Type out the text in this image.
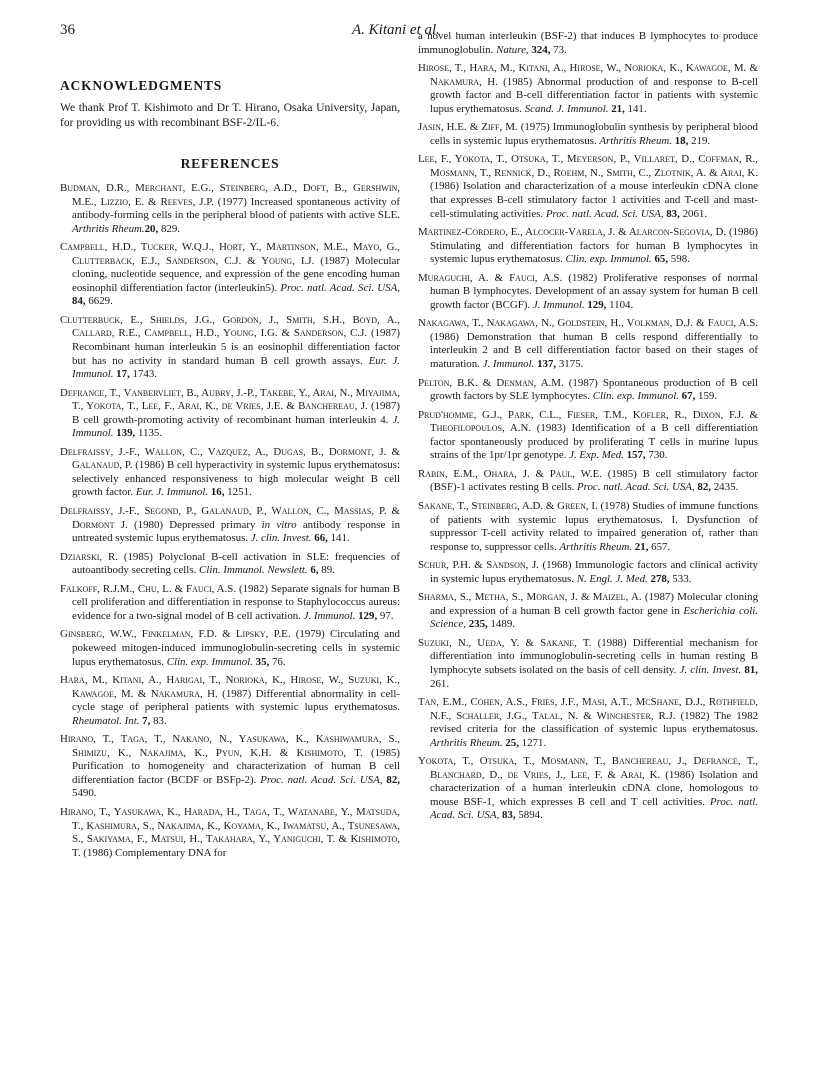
36	A. Kitani et al.
ACKNOWLEDGMENTS

We thank Prof T. Kishimoto and Dr T. Hirano, Osaka University, Japan, for providing us with recombinant BSF-2/IL-6.

REFERENCES

Budman, D.R., Merchant, E.G., Steinberg, A.D., Doft, B., Gershwin, M.E., Lizzio, E. & Reeves, J.P. (1977) Increased spontaneous activity of antibody-forming cells in the peripheral blood of patients with active SLE. Arthritis Rheum.20, 829.

Campbell, H.D., Tucker, W.Q.J., Hort, Y., Martinson, M.E., Mayo, G., Clutterback, E.J., Sanderson, C.J. & Young, I.J. (1987) Molecular cloning, nucleotide sequence, and expression of the gene encoding human eosinophil differentiation factor (interleukin5). Proc. natl. Acad. Sci. USA, 84, 6629.

Clutterbuck, E., Shields, J.G., Gordon, J., Smith, S.H., Boyd, A., Callard, R.E., Campbell, H.D., Young, I.G. & Sanderson, C.J. (1987) Recombinant human interleukin 5 is an eosinophil differentiation factor but has no activity in standard human B cell growth assays. Eur. J. Immunol. 17, 1743.

Defrance, T., Vanbervliet, B., Aubry, J.-P., Takebe, Y., Arai, N., Miyajima, T., Yokota, T., Lee, F., Arai, K., de Vries, J.E. & Banchereau, J. (1987) B cell growth-promoting activity of recombinant human interleukin 4. J. Immunol. 139, 1135.

Delfraissy, J.-F., Wallon, C., Vazquez, A., Dugas, B., Dormont, J. & Galanaud, P. (1986) B cell hyperactivity in systemic lupus erythematosus: selectively enhanced responsiveness to high molecular weight B cell growth factor. Eur. J. Immunol. 16, 1251.

Delfraissy, J.-F., Segond, P., Galanaud, P., Wallon, C., Massias, P. & Dormont J. (1980) Depressed primary in vitro antibody response in untreated systemic lupus erythematosus. J. clin. Invest. 66, 141.

Dziarski, R. (1985) Polyclonal B-cell activation in SLE: frequencies of autoantibody secreting cells. Clin. Immunol. Newslett. 6, 89.

Falkoff, R.J.M., Chu, L. & Fauci, A.S. (1982) Separate signals for human B cell proliferation and differentiation in response to Staphylococcus aureus: evidence for a two-signal model of B cell activation. J. Immunol. 129, 97.

Ginsberg, W.W., Finkelman, F.D. & Lipsky, P.E. (1979) Circulating and pokeweed mitogen-induced immunoglobulin-secreting cells in systemic lupus erythematosus. Clin. exp. Immunol. 35, 76.

Hara, M., Kitani, A., Harigai, T., Norioka, K., Hirose, W., Suzuki, K., Kawagoe, M. & Nakamura, H. (1987) Differential abnormality in cell-cycle stage of peripheral patients with systemic lupus erythematosus. Rheumatol. Int. 7, 83.

Hirano, T., Taga, T., Nakano, N., Yasukawa, K., Kashiwamura, S., Shimizu, K., Nakajima, K., Pyun, K.H. & Kishimoto, T. (1985) Purification to homogeneity and characterization of human B cell differentiation factor (BCDF or BSFp-2). Proc. natl. Acad. Sci. USA, 82, 5490.

Hirano, T., Yasukawa, K., Harada, H., Taga, T., Watanabe, Y., Matsuda, T., Kashimura, S., Nakajima, K., Koyama, K., Iwamatsu, A., Tsunesawa, S., Sakiyama, F., Matsui, H., Takahara, Y., Yaniguchi, T. & Kishimoto, T. (1986) Complementary DNA for

a novel human interleukin (BSF-2) that induces B lymphocytes to produce immunoglobulin. Nature, 324, 73.

Hirose, T., Hara, M., Kitani, A., Hirose, W., Norioka, K., Kawagoe, M. & Nakamura, H. (1985) Abnormal production of and response to B-cell growth factor and B-cell differentiation factor in patients with systemic lupus erythematosus. Scand. J. Immunol. 21, 141.

Jasin, H.E. & Ziff, M. (1975) Immunoglobulin synthesis by peripheral blood cells in systemic lupus erythematosus. Arthritis Rheum. 18, 219.

Lee, F., Yokota, T., Otsuka, T., Meyerson, P., Villaret, D., Coffman, R., Mosmann, T., Rennick, D., Roehm, N., Smith, C., Zlotnik, A. & Arai, K. (1986) Isolation and characterization of a mouse interleukin cDNA clone that expresses B-cell stimulatory factor 1 activities and T-cell and mast-cell-stimulating activities. Proc. natl. Acad. Sci. USA, 83, 2061.

Martinez-Cordero, E., Alcocer-Varela, J. & Alarcon-Segovia, D. (1986) Stimulating and differentiation factors for human B lymphocytes in systemic lupus erythematosus. Clin. exp. Immunol. 65, 598.

Muraguchi, A. & Fauci, A.S. (1982) Proliferative responses of normal human B lymphocytes. Development of an assay system for human B cell growth factor (BCGF). J. Immunol. 129, 1104.

Nakagawa, T., Nakagawa, N., Goldstein, H., Volkman, D.J. & Fauci, A.S. (1986) Demonstration that human B cells respond differentially to interleukin 2 and B cell differentiation factor based on their stages of maturation. J. Immunol. 137, 3175.

Pelton, B.K. & Denman, A.M. (1987) Spontaneous production of B cell growth factors by SLE lymphocytes. Clin. exp. Immunol. 67, 159.

Prud'homme, G.J., Park, C.L., Fieser, T.M., Kofler, R., Dixon, F.J. & Theofilopoulos, A.N. (1983) Identification of a B cell differentiation factor spontaneously produced by proliferating T cells in murine lupus strains of the 1pr/1pr genotype. J. Exp. Med. 157, 730.

Rabin, E.M., Ohara, J. & Paul, W.E. (1985) B cell stimulatory factor (BSF)-1 activates resting B cells. Proc. natl. Acad. Sci. USA, 82, 2435.

Sakane, T., Steinberg, A.D. & Green, I. (1978) Studies of immune functions of patients with systemic lupus erythematosus. I. Dysfunction of suppressor T-cell activity related to impaired generation of, rather than response to, suppressor cells. Arthritis Rheum. 21, 657.

Schur, P.H. & Sandson, J. (1968) Immunologic factors and clinical activity in systemic lupus erythematosus. N. Engl. J. Med. 278, 533.

Sharma, S., Metha, S., Morgan, J. & Maizel, A. (1987) Molecular cloning and expression of a human B cell growth factor gene in Escherichia coli. Science, 235, 1489.

Suzuki, N., Ueda, Y. & Sakane, T. (1988) Differential mechanism for differentiation into immunoglobulin-secreting cells in human resting B lymphocyte subsets isolated on the basis of cell density. J. clin. Invest. 81, 261.

Tan, E.M., Cohen, A.S., Fries, J.F., Masi, A.T., McShane, D.J., Rothfield, N.F., Schaller, J.G., Talal, N. & Winchester, R.J. (1982) The 1982 revised criteria for the classification of systemic lupus erythematosus. Arthritis Rheum. 25, 1271.

Yokota, T., Otsuka, T., Mosmann, T., Banchereau, J., Defrance, T., Blanchard, D., de Vries, J., Lee, F. & Arai, K. (1986) Isolation and characterization of a human interleukin cDNA clone, homologous to mouse BSF-1, which expresses B cell and T cell activities. Proc. natl. Acad. Sci. USA, 83, 5894.
